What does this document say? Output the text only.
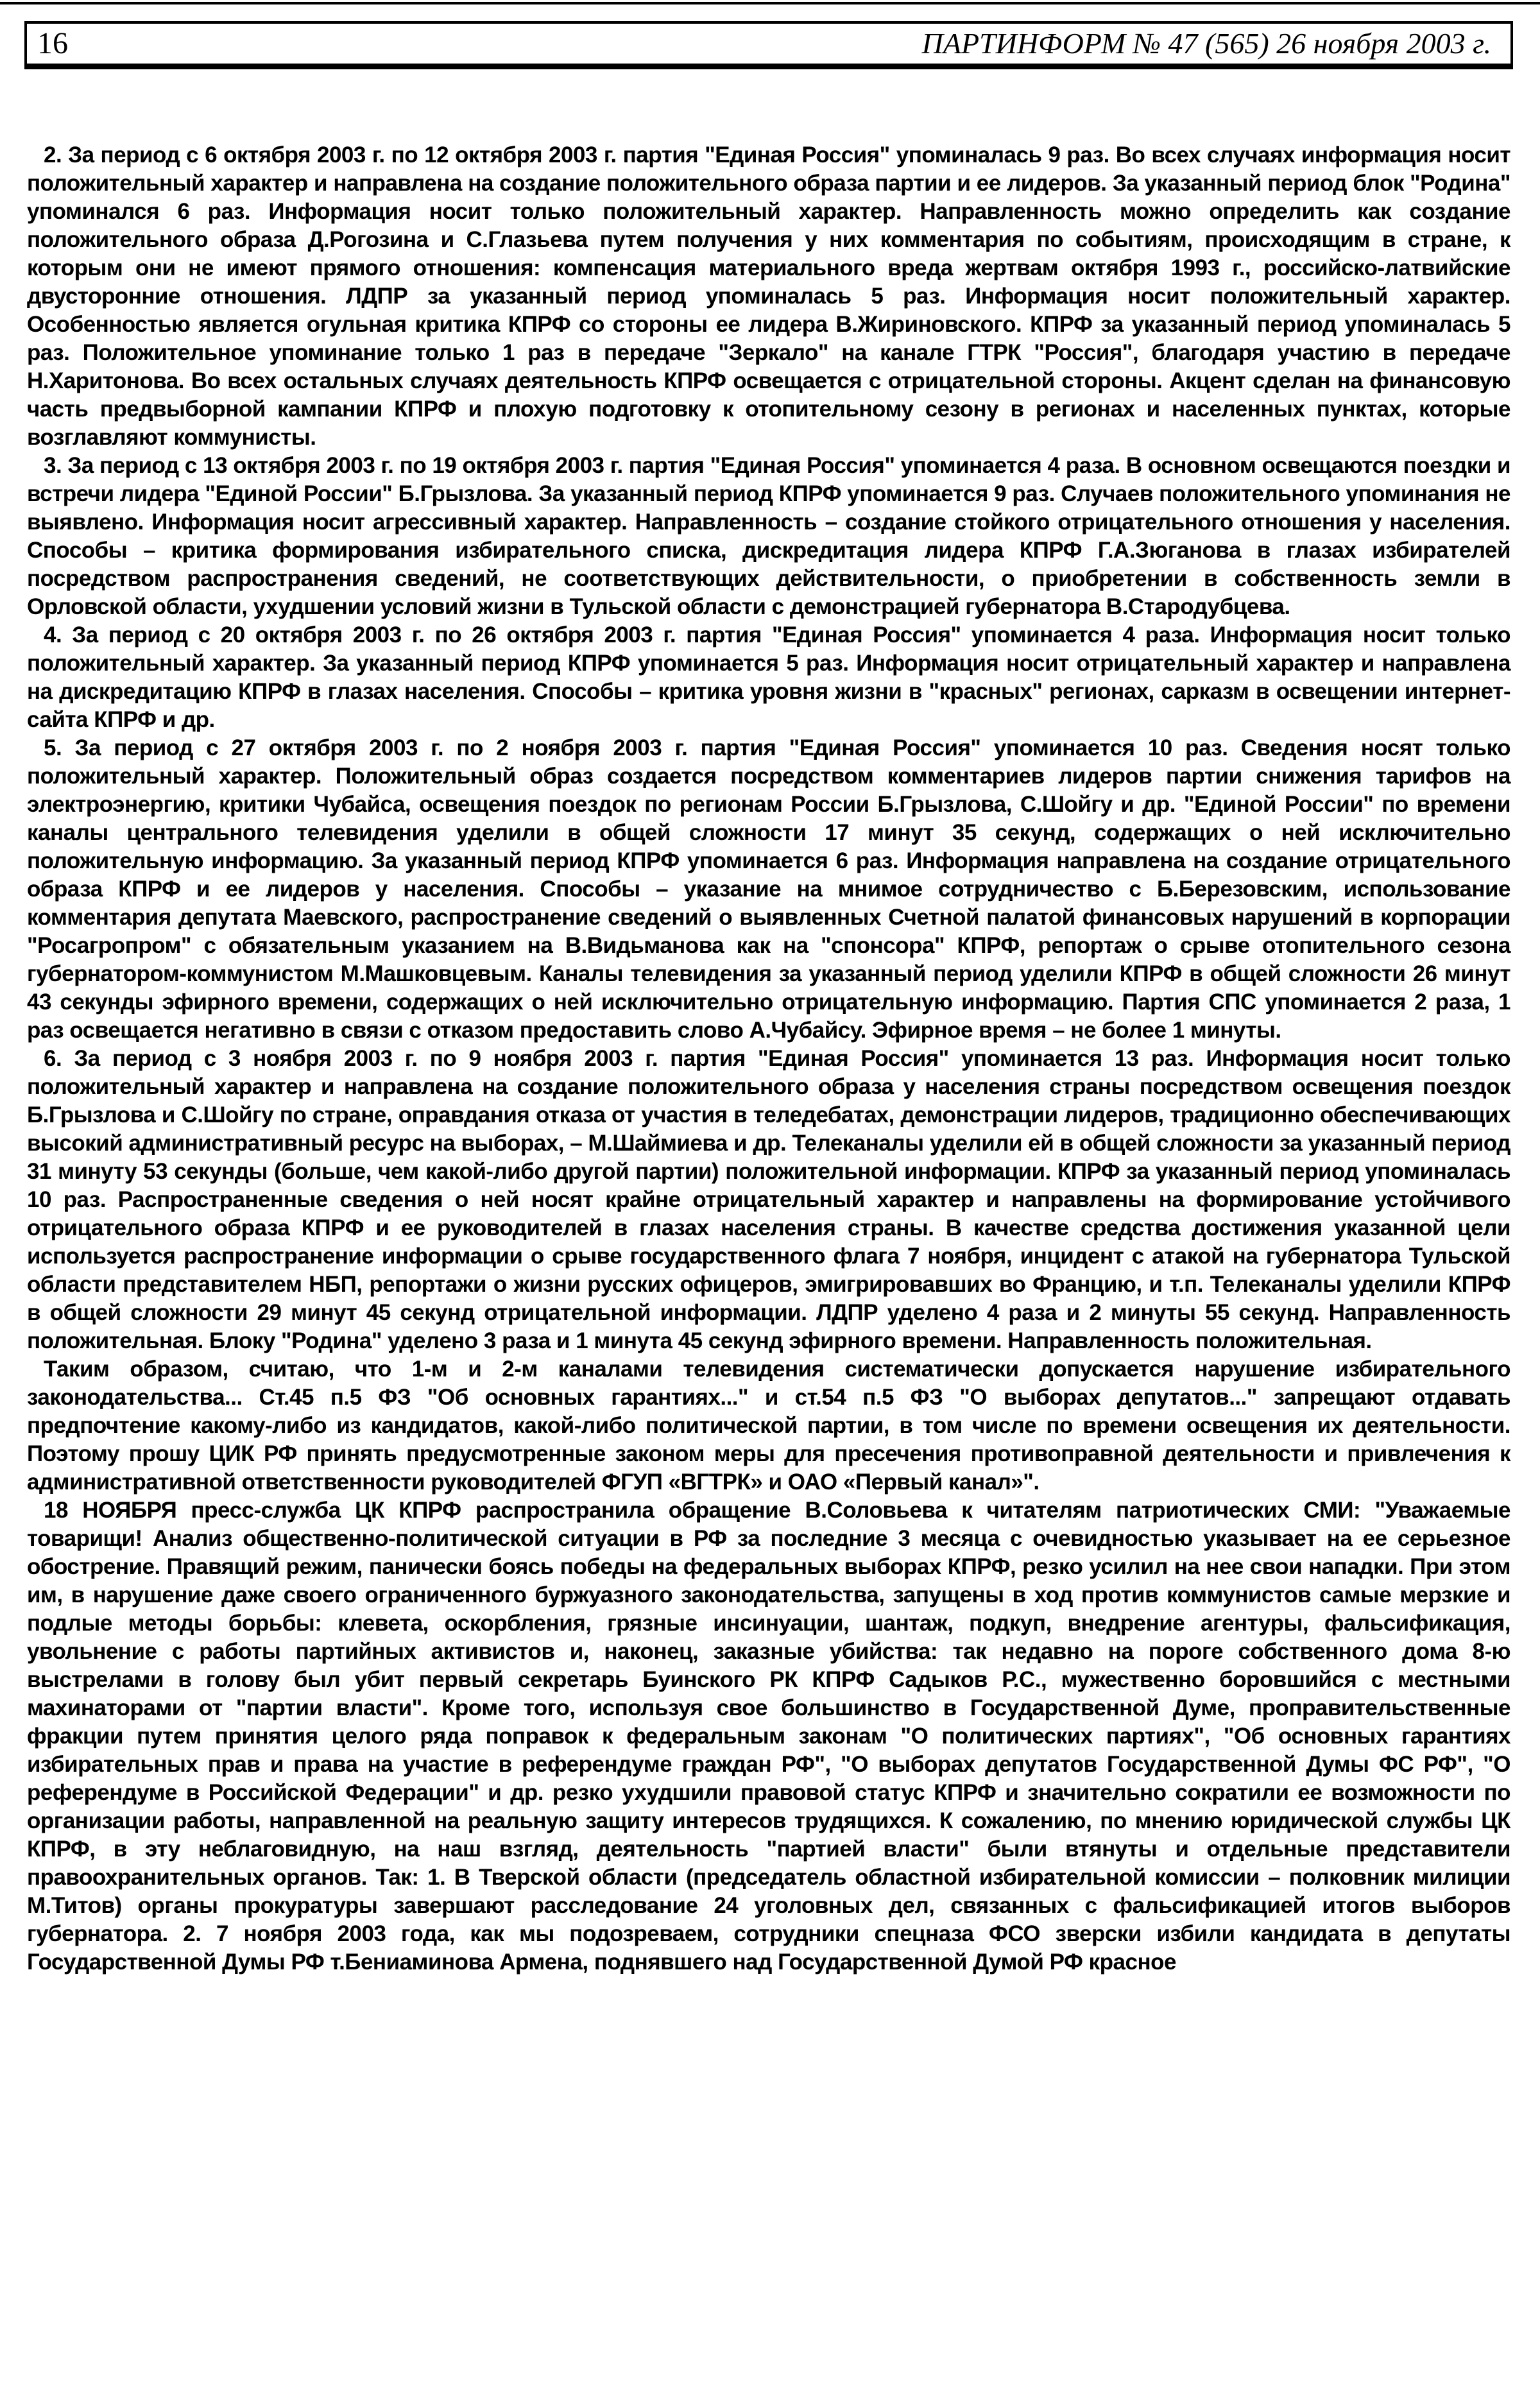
16	ПАРТИНФОРМ № 47 (565) 26 ноября 2003 г.

2. За период с 6 октября 2003 г. по 12 октября 2003 г. партия "Единая Россия" упоминалась 9 раз. Во всех случаях информация носит положительный характер и направлена на создание положительного образа партии и ее лидеров. За указанный период блок "Родина" упоминался 6 раз. Информация носит только положительный характер. Направленность можно определить как создание положительного образа Д.Рогозина и С.Глазьева путем получения у них комментария по событиям, происходящим в стране, к которым они не имеют прямого отношения: компенсация материального вреда жертвам октября 1993 г., российско-латвийские двусторонние отношения. ЛДПР за указанный период упоминалась 5 раз. Информация носит положительный характер. Особенностью является огульная критика КПРФ со стороны ее лидера В.Жириновского. КПРФ за указанный период упоминалась 5 раз. Положительное упоминание только 1 раз в передаче "Зеркало" на канале ГТРК "Россия", благодаря участию в передаче Н.Харитонова. Во всех остальных случаях деятельность КПРФ освещается с отрицательной стороны. Акцент сделан на финансовую часть предвыборной кампании КПРФ и плохую подготовку к отопительному сезону в регионах и населенных пунктах, которые возглавляют коммунисты.

3. За период с 13 октября 2003 г. по 19 октября 2003 г. партия "Единая Россия" упоминается 4 раза. В основном освещаются поездки и встречи лидера "Единой России" Б.Грызлова. За указанный период КПРФ упоминается 9 раз. Случаев положительного упоминания не выявлено. Информация носит агрессивный характер. Направленность – создание стойкого отрицательного отношения у населения. Способы – критика формирования избирательного списка, дискредитация лидера КПРФ Г.А.Зюганова в глазах избирателей посредством распространения сведений, не соответствующих действительности, о приобретении в собственность земли в Орловской области, ухудшении условий жизни в Тульской области с демонстрацией губернатора В.Стародубцева.

4. За период с 20 октября 2003 г. по 26 октября 2003 г. партия "Единая Россия" упоминается 4 раза. Информация носит только положительный характер. За указанный период КПРФ упоминается 5 раз. Информация носит отрицательный характер и направлена на дискредитацию КПРФ в глазах населения. Способы – критика уровня жизни в "красных" регионах, сарказм в освещении интернет-сайта КПРФ и др.

5. За период с 27 октября 2003 г. по 2 ноября 2003 г. партия "Единая Россия" упоминается 10 раз. Сведения носят только положительный характер. Положительный образ создается посредством комментариев лидеров партии снижения тарифов на электроэнергию, критики Чубайса, освещения поездок по регионам России Б.Грызлова, С.Шойгу и др. "Единой России" по времени каналы центрального телевидения уделили в общей сложности 17 минут 35 секунд, содержащих о ней исключительно положительную информацию. За указанный период КПРФ упоминается 6 раз. Информация направлена на создание отрицательного образа КПРФ и ее лидеров у населения. Способы – указание на мнимое сотрудничество с Б.Березовским, использование комментария депутата Маевского, распространение сведений о выявленных Счетной палатой финансовых нарушений в корпорации "Росагропром" с обязательным указанием на В.Видьманова как на "спонсора" КПРФ, репортаж о срыве отопительного сезона губернатором-коммунистом М.Машковцевым. Каналы телевидения за указанный период уделили КПРФ в общей сложности 26 минут 43 секунды эфирного времени, содержащих о ней исключительно отрицательную информацию. Партия СПС упоминается 2 раза, 1 раз освещается негативно в связи с отказом предоставить слово А.Чубайсу. Эфирное время – не более 1 минуты.

6. За период с 3 ноября 2003 г. по 9 ноября 2003 г. партия "Единая Россия" упоминается 13 раз. Информация носит только положительный характер и направлена на создание положительного образа у населения страны посредством освещения поездок Б.Грызлова и С.Шойгу по стране, оправдания отказа от участия в теледебатах, демонстрации лидеров, традиционно обеспечивающих высокий административный ресурс на выборах, – М.Шаймиева и др. Телеканалы уделили ей в общей сложности за указанный период 31 минуту 53 секунды (больше, чем какой-либо другой партии) положительной информации. КПРФ за указанный период упоминалась 10 раз. Распространенные сведения о ней носят крайне отрицательный характер и направлены на формирование устойчивого отрицательного образа КПРФ и ее руководителей в глазах населения страны. В качестве средства достижения указанной цели используется распространение информации о срыве государственного флага 7 ноября, инцидент с атакой на губернатора Тульской области представителем НБП, репортажи о жизни русских офицеров, эмигрировавших во Францию, и т.п. Телеканалы уделили КПРФ в общей сложности 29 минут 45 секунд отрицательной информации. ЛДПР уделено 4 раза и 2 минуты 55 секунд. Направленность положительная. Блоку "Родина" уделено 3 раза и 1 минута 45 секунд эфирного времени. Направленность положительная.

Таким образом, считаю, что 1-м и 2-м каналами телевидения систематически допускается нарушение избирательного законодательства... Ст.45 п.5 ФЗ "Об основных гарантиях..." и ст.54 п.5 ФЗ "О выборах депутатов..." запрещают отдавать предпочтение какому-либо из кандидатов, какой-либо политической партии, в том числе по времени освещения их деятельности. Поэтому прошу ЦИК РФ принять предусмотренные законом меры для пресечения противоправной деятельности и привлечения к административной ответственности руководителей ФГУП «ВГТРК» и ОАО «Первый канал»".

18 НОЯБРЯ пресс-служба ЦК КПРФ распространила обращение В.Соловьева к читателям патриотических СМИ: "Уважаемые товарищи! Анализ общественно-политической ситуации в РФ за последние 3 месяца с очевидностью указывает на ее серьезное обострение. Правящий режим, панически боясь победы на федеральных выборах КПРФ, резко усилил на нее свои нападки. При этом им, в нарушение даже своего ограниченного буржуазного законодательства, запущены в ход против коммунистов самые мерзкие и подлые методы борьбы: клевета, оскорбления, грязные инсинуации, шантаж, подкуп, внедрение агентуры, фальсификация, увольнение с работы партийных активистов и, наконец, заказные убийства: так недавно на пороге собственного дома 8-ю выстрелами в голову был убит первый секретарь Буинского РК КПРФ Садыков Р.С., мужественно боровшийся с местными махинаторами от "партии власти". Кроме того, используя свое большинство в Государственной Думе, проправительственные фракции путем принятия целого ряда поправок к федеральным законам "О политических партиях", "Об основных гарантиях избирательных прав и права на участие в референдуме граждан РФ", "О выборах депутатов Государственной Думы ФС РФ", "О референдуме в Российской Федерации" и др. резко ухудшили правовой статус КПРФ и значительно сократили ее возможности по организации работы, направленной на реальную защиту интересов трудящихся. К сожалению, по мнению юридической службы ЦК КПРФ, в эту неблаговидную, на наш взгляд, деятельность "партией власти" были втянуты и отдельные представители правоохранительных органов. Так: 1. В Тверской области (председатель областной избирательной комиссии – полковник милиции М.Титов) органы прокуратуры завершают расследование 24 уголовных дел, связанных с фальсификацией итогов выборов губернатора. 2. 7 ноября 2003 года, как мы подозреваем, сотрудники спецназа ФСО зверски избили кандидата в депутаты Государственной Думы РФ т.Бениаминова Армена, поднявшего над Государственной Думой РФ красное
